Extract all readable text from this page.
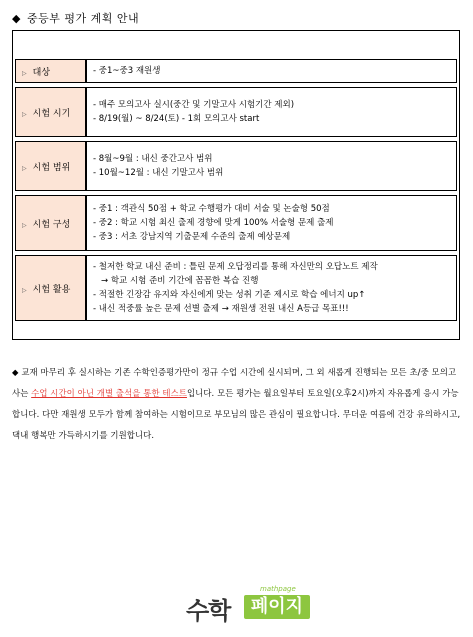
◆ 중등부 평가 계획 안내
▷ 대상	- 중1~중3 재원생

▷ 시험 시기	- 매주 모의고사 실시(중간 및 기말고사 시험기간 제외)
- 8/19(월) ~ 8/24(토) - 1회 모의고사 start

▷ 시험 범위	- 8월~9월 : 내신 중간고사 범위
- 10월~12월 : 내신 기말고사 범위

▷ 시험 구성	- 중1 : 객관식 50점 + 학교 수행평가 대비 서술 및 논술형 50점
- 중2 : 학교 시험 최신 출제 경향에 맞게 100% 서술형 문제 출제
- 중3 : 서초 강남지역 기출문제 수준의 출제 예상문제

▷ 시험 활용	- 철저한 학교 내신 준비 : 틀린 문제 오답정리를 통해 자신만의 오답노트 제작
→ 학교 시험 준비 기간에 꼼꼼한 복습 진행
- 적절한 긴장감 유지와 자신에게 맞는 성취 기준 제시로 학습 에너지 up↑
- 내신 적중률 높은 문제 선별 출제 → 재원생 전원 내신 A등급 목표!!!
◆ 교재 마무리 후 실시하는 기존 수학인증평가만이 정규 수업 시간에 실시되며, 그 외 새롭게 진행되는 모든 초/중 모의고사는 수업 시간이 아닌 개별 출석을 통한 테스트입니다. 모든 평가는 월요일부터 토요일(오후2시)까지 자유롭게 응시 가능합니다. 다만 재원생 모두가 함께 참여하는 시험이므로 부모님의 많은 관심이 필요합니다. 무더운 여름에 건강 유의하시고, 댁내 행복만 가득하시기를 기원합니다.
수학
mathpage
페이지
